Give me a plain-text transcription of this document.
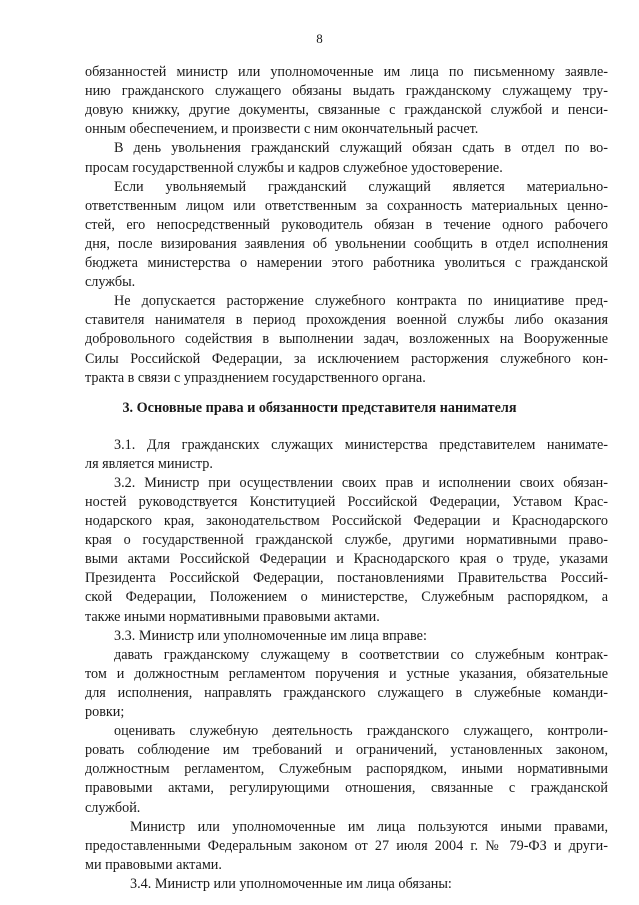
8
обязанностей министр или уполномоченные им лица по письменному заявле-
нию гражданского служащего обязаны выдать гражданскому служащему тру-
довую книжку, другие документы, связанные с гражданской службой и пенси-
онным обеспечением, и произвести с ним окончательный расчет.
В день увольнения гражданский служащий обязан сдать в отдел по во-
просам государственной службы и кадров служебное удостоверение.
Если увольняемый гражданский служащий является материально-
ответственным лицом или ответственным за сохранность материальных ценно-
стей, его непосредственный руководитель обязан в течение одного рабочего
дня, после визирования заявления об увольнении сообщить в отдел исполнения
бюджета министерства о намерении этого работника уволиться с гражданской
службы.
Не допускается расторжение служебного контракта по инициативе пред-
ставителя нанимателя в период прохождения военной службы либо оказания
добровольного содействия в выполнении задач, возложенных на Вооруженные
3. Основные права и обязанности представителя нанимателя
3.1. Для гражданских служащих министерства представителем нанимате-
ля является министр.
3.2. Министр при осуществлении своих прав и исполнении своих обязан-
ностей руководствуется Конституцией Российской Федерации, Уставом Крас-
нодарского края, законодательством Российской Федерации и Краснодарского
края о государственной гражданской службе, другими нормативными право-
выми актами Российской Федерации и Краснодарского края о труде, указами
Президента Российской Федерации, постановлениями Правительства Россий-
ской Федерации, Положением о министерстве, Служебным распорядком, а
также иными нормативными правовыми актами.
3.3. Министр или уполномоченные им лица вправе:
давать гражданскому служащему в соответствии со служебным контрак-
том и должностным регламентом поручения и устные указания, обязательные
для исполнения, направлять гражданского служащего в служебные команди-
ровки;
оценивать служебную деятельность гражданского служащего, контроли-
ровать соблюдение им требований и ограничений, установленных законом,
должностным регламентом, Служебным распорядком, иными нормативными
правовыми актами, регулирующими отношения, связанные с гражданской
службой.
Министр или уполномоченные им лица пользуются иными правами,
предоставленными Федеральным законом от 27 июля 2004 г. № 79-ФЗ и други-
ми правовыми актами.
3.4. Министр или уполномоченные им лица обязаны:
Силы Российской Федерации, за исключением расторжения служебного кон-
тракта в связи с упразднением государственного органа.
